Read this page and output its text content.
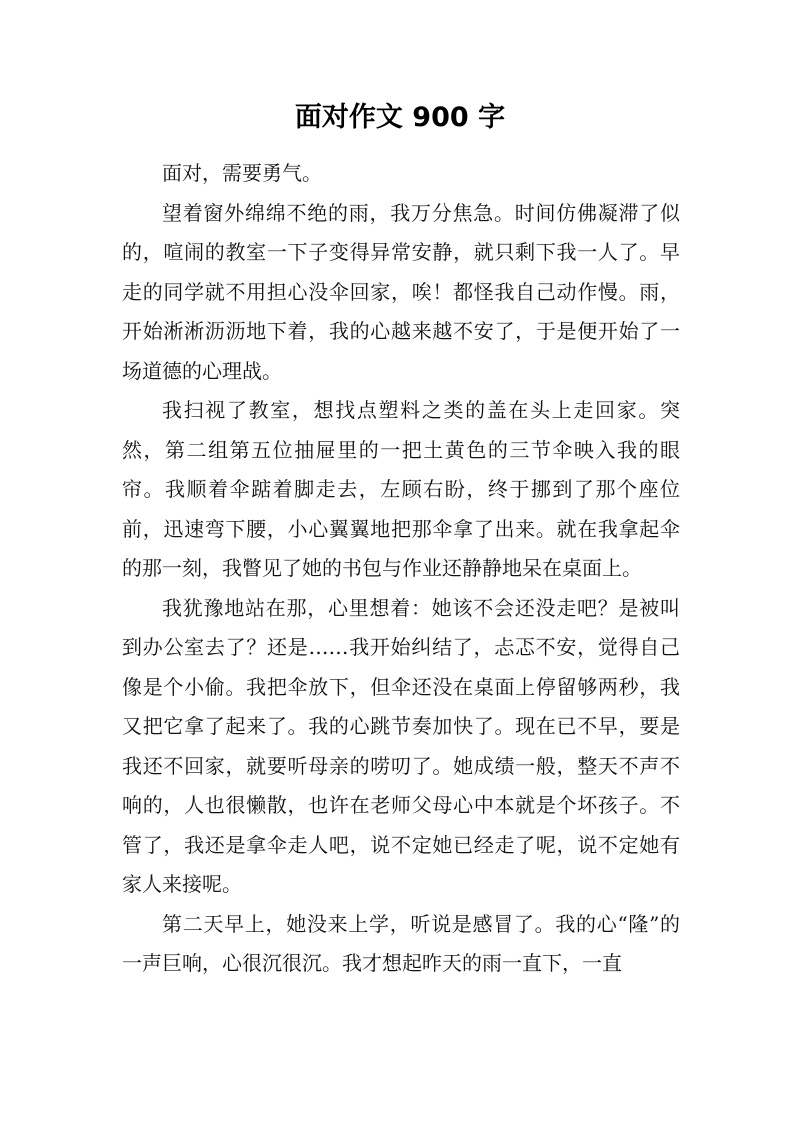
面对作文 900 字

面对，需要勇气。

望着窗外绵绵不绝的雨，我万分焦急。时间仿佛凝滞了似的，喧闹的教室一下子变得异常安静，就只剩下我一人了。早走的同学就不用担心没伞回家，唉！都怪我自己动作慢。雨，开始淅淅沥沥地下着，我的心越来越不安了，于是便开始了一场道德的心理战。

我扫视了教室，想找点塑料之类的盖在头上走回家。突然，第二组第五位抽屉里的一把土黄色的三节伞映入我的眼帘。我顺着伞踮着脚走去，左顾右盼，终于挪到了那个座位前，迅速弯下腰，小心翼翼地把那伞拿了出来。就在我拿起伞的那一刻，我瞥见了她的书包与作业还静静地呆在桌面上。

我犹豫地站在那，心里想着：她该不会还没走吧？是被叫到办公室去了？还是……我开始纠结了，忐忑不安，觉得自己像是个小偷。我把伞放下，但伞还没在桌面上停留够两秒，我又把它拿了起来了。我的心跳节奏加快了。现在已不早，要是我还不回家，就要听母亲的唠叨了。她成绩一般，整天不声不响的，人也很懒散，也许在老师父母心中本就是个坏孩子。不管了，我还是拿伞走人吧，说不定她已经走了呢，说不定她有家人来接呢。

第二天早上，她没来上学，听说是感冒了。我的心“隆”的一声巨响，心很沉很沉。我才想起昨天的雨一直下，一直
